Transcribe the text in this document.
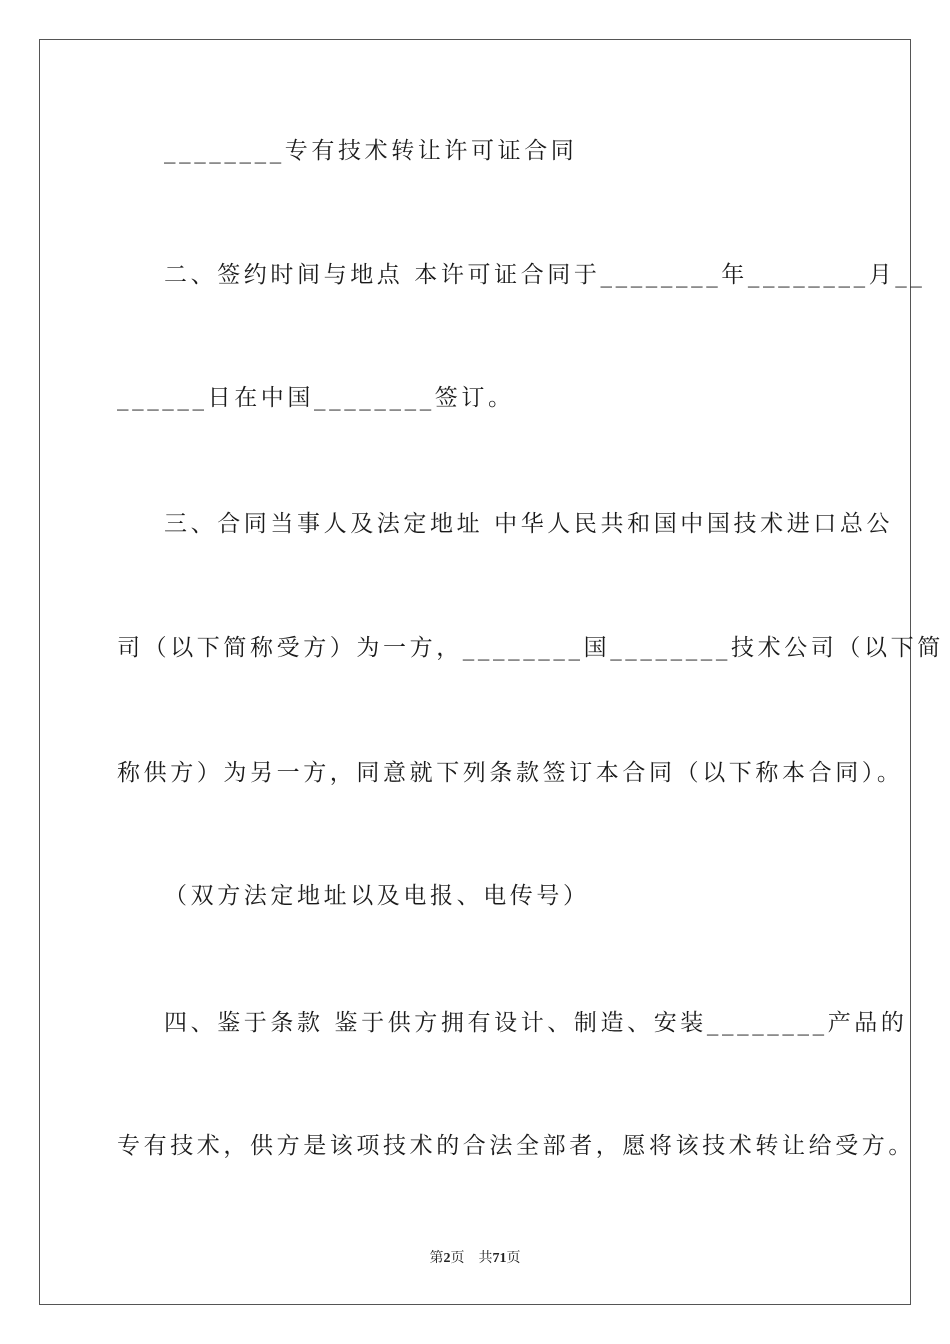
________专有技术转让许可证合同
二、签约时间与地点 本许可证合同于________年________月__
______日在中国________签订。
三、合同当事人及法定地址 中华人民共和国中国技术进口总公
司（以下简称受方）为一方，________国________技术公司（以下简
称供方）为另一方，同意就下列条款签订本合同（以下称本合同）。
（双方法定地址以及电报、电传号）
四、鉴于条款 鉴于供方拥有设计、制造、安装________产品的
专有技术，供方是该项技术的合法全部者，愿将该技术转让给受方。
第2页 共71页
